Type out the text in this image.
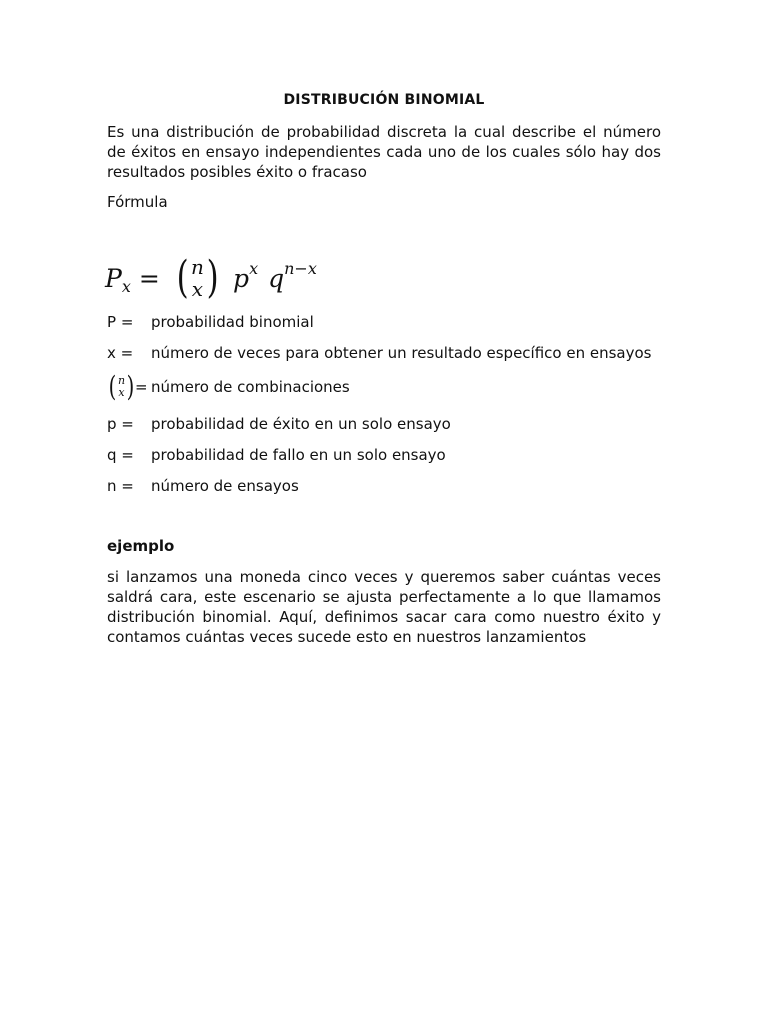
DISTRIBUCIÓN BINOMIAL
Es una distribución de probabilidad discreta la cual describe el número de éxitos en ensayo independientes cada uno de los cuales sólo hay dos resultados posibles éxito o fracaso
Fórmula
P x = ( n
x ) p x q n−x
P =	probabilidad binomial
x =	número de veces para obtener un resultado específico en ensayos
( n
x ) = número de combinaciones
p =	probabilidad de éxito en un solo ensayo
q =	probabilidad de fallo en un solo ensayo
n =	número de ensayos
ejemplo
si lanzamos una moneda cinco veces y queremos saber cuántas veces saldrá cara, este escenario se ajusta perfectamente a lo que llamamos distribución binomial. Aquí, definimos sacar cara como nuestro éxito y contamos cuántas veces sucede esto en nuestros lanzamientos
